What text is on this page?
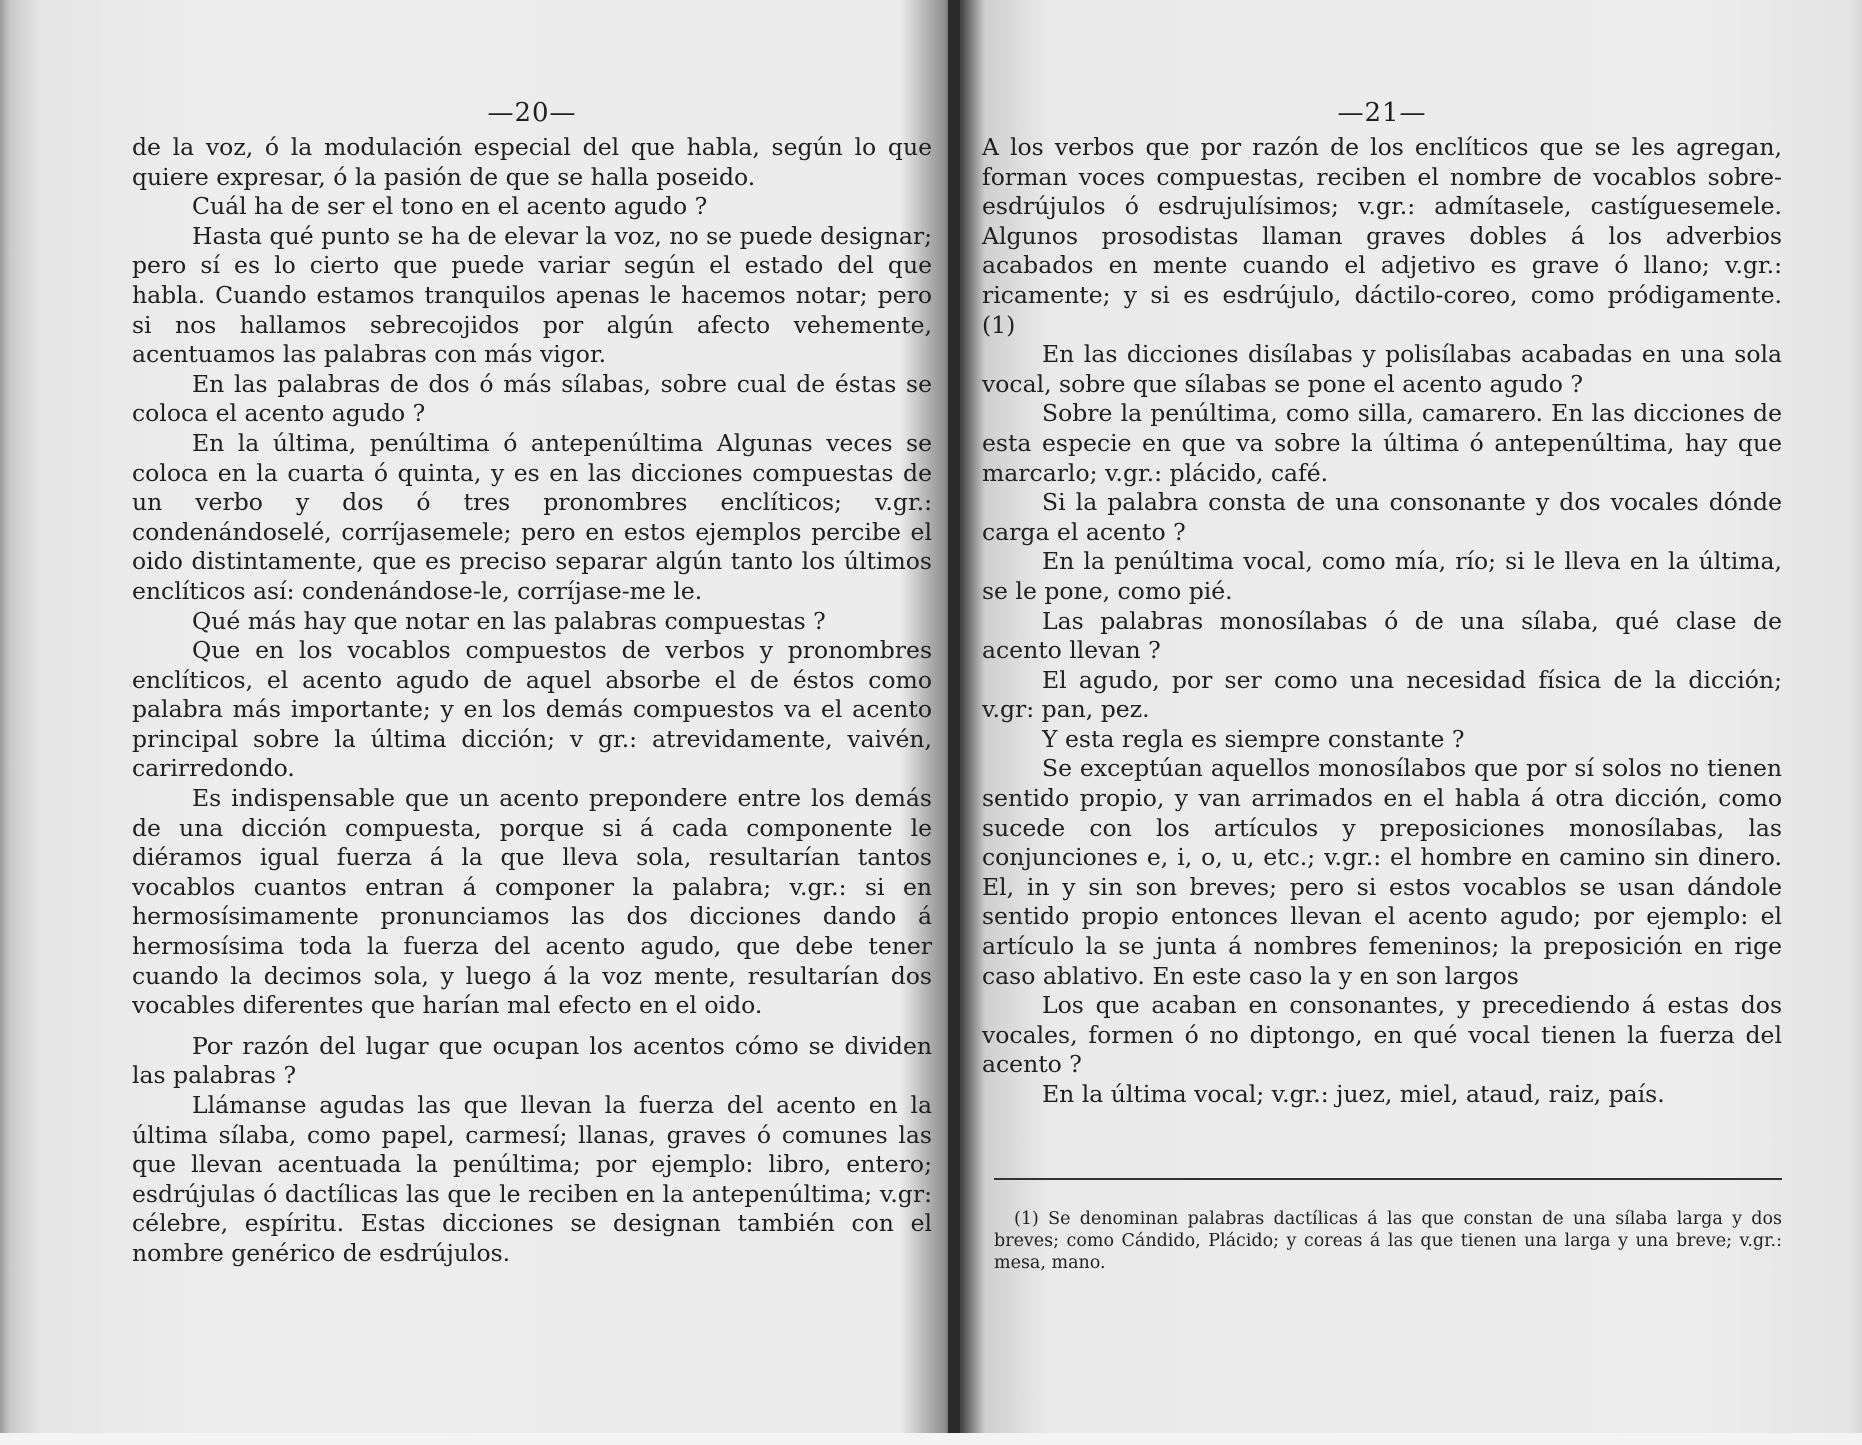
—20—

de la voz, ó la modulación especial del que habla, según lo que quiere expresar, ó la pasión de que se halla poseido.

Cuál ha de ser el tono en el acento agudo ?

Hasta qué punto se ha de elevar la voz, no se puede designar; pero sí es lo cierto que puede variar según el estado del que habla. Cuando estamos tranquilos apenas le hacemos notar; pero si nos hallamos sebrecojidos por algún afecto vehemente, acentuamos las palabras con más vigor.

En las palabras de dos ó más sílabas, sobre cual de éstas se coloca el acento agudo ?

En la última, penúltima ó antepenúltima Algunas veces se coloca en la cuarta ó quinta, y es en las dicciones compuestas de un verbo y dos ó tres pronombres enclíticos; v.gr.: condenándoselé, corríjasemele; pero en estos ejemplos percibe el oido distintamente, que es preciso separar algún tanto los últimos enclíticos así: condenándose-le, corríjase-me le.

Qué más hay que notar en las palabras compuestas ?

Que en los vocablos compuestos de verbos y pronombres enclíticos, el acento agudo de aquel absorbe el de éstos como palabra más importante; y en los demás compuestos va el acento principal sobre la última dicción; v gr.: atrevidamente, vaivén, carirredondo.

Es indispensable que un acento prepondere entre los demás de una dicción compuesta, porque si á cada componente le diéramos igual fuerza á la que lleva sola, resultarían tantos vocablos cuantos entran á componer la palabra; v.gr.: si en hermosísimamente pronunciamos las dos dicciones dando á hermosísima toda la fuerza del acento agudo, que debe tener cuando la decimos sola, y luego á la voz mente, resultarían dos vocables diferentes que harían mal efecto en el oido.

Por razón del lugar que ocupan los acentos cómo se dividen las palabras ?

Llámanse agudas las que llevan la fuerza del acento en la última sílaba, como papel, carmesí; llanas, graves ó comunes las que llevan acentuada la penúltima; por ejemplo: libro, entero; esdrújulas ó dactílicas las que le reciben en la antepenúltima; v.gr: célebre, espíritu. Estas dicciones se designan también con el nombre genérico de esdrújulos.

—21—

A los verbos que por razón de los enclíticos que se les agregan, forman voces compuestas, reciben el nombre de vocablos sobre-esdrújulos ó esdrujulísimos; v.gr.: admítasele, castíguesemele. Algunos prosodistas llaman graves dobles á los adverbios acabados en mente cuando el adjetivo es grave ó llano; v.gr.: ricamente; y si es esdrújulo, dáctilo-coreo, como pródigamente. (1)

En las dicciones disílabas y polisílabas acabadas en una sola vocal, sobre que sílabas se pone el acento agudo ?

Sobre la penúltima, como silla, camarero. En las dicciones de esta especie en que va sobre la última ó antepenúltima, hay que marcarlo; v.gr.: plácido, café.

Si la palabra consta de una consonante y dos vocales dónde carga el acento ?

En la penúltima vocal, como mía, río; si le lleva en la última, se le pone, como pié.

Las palabras monosílabas ó de una sílaba, qué clase de acento llevan ?

El agudo, por ser como una necesidad física de la dicción; v.gr: pan, pez.

Y esta regla es siempre constante ?

Se exceptúan aquellos monosílabos que por sí solos no tienen sentido propio, y van arrimados en el habla á otra dicción, como sucede con los artículos y preposiciones monosílabas, las conjunciones e, i, o, u, etc.; v.gr.: el hombre en camino sin dinero. El, in y sin son breves; pero si estos vocablos se usan dándole sentido propio entonces llevan el acento agudo; por ejemplo: el artículo la se junta á nombres femeninos; la preposición en rige caso ablativo. En este caso la y en son largos

Los que acaban en consonantes, y precediendo á estas dos vocales, formen ó no diptongo, en qué vocal tienen la fuerza del acento ?

En la última vocal; v.gr.: juez, miel, ataud, raiz, país.

(1) Se denominan palabras dactílicas á las que constan de una sílaba larga y dos breves; como Cándido, Plácido; y coreas á las que tienen una larga y una breve; v.gr.: mesa, mano.
